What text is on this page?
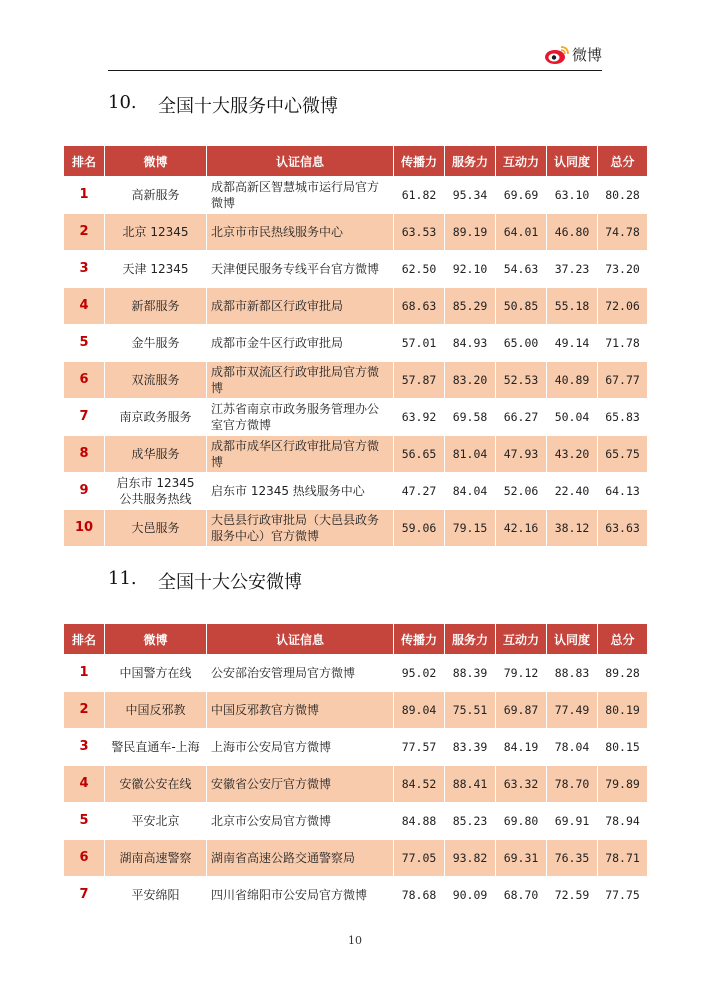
微博
10.	全国十大服务中心微博
排名	微博	认证信息	传播力	服务力	互动力	认同度	总分
1	高新服务	成都高新区智慧城市运行局官方微博	61.82	95.34	69.69	63.10	80.28
2	北京 12345	北京市市民热线服务中心	63.53	89.19	64.01	46.80	74.78
3	天津 12345	天津便民服务专线平台官方微博	62.50	92.10	54.63	37.23	73.20
4	新都服务	成都市新都区行政审批局	68.63	85.29	50.85	55.18	72.06
5	金牛服务	成都市金牛区行政审批局	57.01	84.93	65.00	49.14	71.78
6	双流服务	成都市双流区行政审批局官方微博	57.87	83.20	52.53	40.89	67.77
7	南京政务服务	江苏省南京市政务服务管理办公室官方微博	63.92	69.58	66.27	50.04	65.83
8	成华服务	成都市成华区行政审批局官方微博	56.65	81.04	47.93	43.20	65.75
9	启东市 12345 公共服务热线	启东市 12345 热线服务中心	47.27	84.04	52.06	22.40	64.13
10	大邑服务	大邑县行政审批局（大邑县政务服务中心）官方微博	59.06	79.15	42.16	38.12	63.63
11.	全国十大公安微博
排名	微博	认证信息	传播力	服务力	互动力	认同度	总分
1	中国警方在线	公安部治安管理局官方微博	95.02	88.39	79.12	88.83	89.28
2	中国反邪教	中国反邪教官方微博	89.04	75.51	69.87	77.49	80.19
3	警民直通车-上海	上海市公安局官方微博	77.57	83.39	84.19	78.04	80.15
4	安徽公安在线	安徽省公安厅官方微博	84.52	88.41	63.32	78.70	79.89
5	平安北京	北京市公安局官方微博	84.88	85.23	69.80	69.91	78.94
6	湖南高速警察	湖南省高速公路交通警察局	77.05	93.82	69.31	76.35	78.71
7	平安绵阳	四川省绵阳市公安局官方微博	78.68	90.09	68.70	72.59	77.75
10
